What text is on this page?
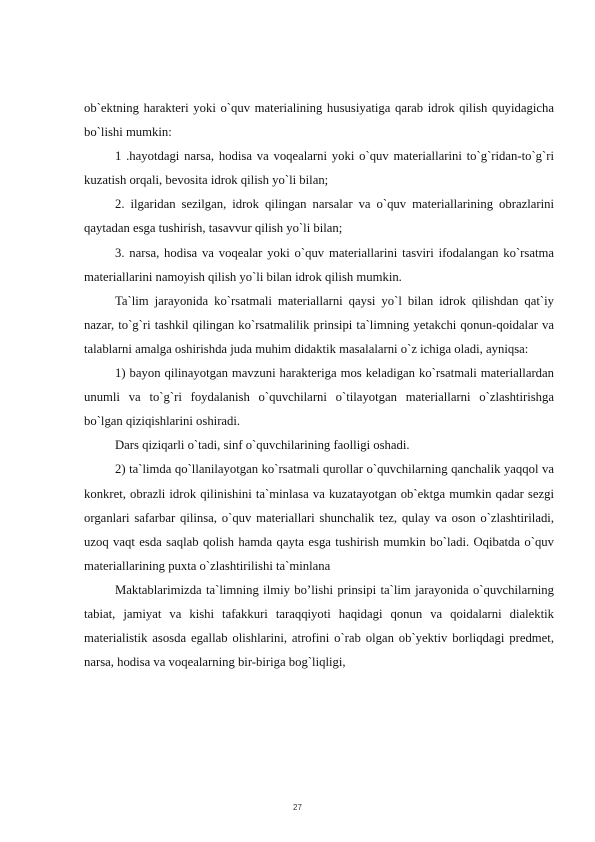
ob`ektning harakteri yoki o`quv materialining hususiyatiga qarab idrok qilish quyidagicha bo`lishi mumkin:

1 .hayotdagi narsa, hodisa va voqealarni yoki o`quv materiallarini to`g`ridan-to`g`ri kuzatish orqali, bevosita idrok qilish yo`li bilan;

2. ilgaridan sezilgan, idrok qilingan narsalar va o`quv materiallarining obrazlarini qaytadan esga tushirish, tasavvur qilish yo`li bilan;

3. narsa, hodisa va voqealar yoki o`quv materiallarini tasviri ifodalangan ko`rsatma materiallarini namoyish qilish yo`li bilan idrok qilish mumkin.

Ta`lim jarayonida ko`rsatmali materiallarni qaysi yo`l bilan idrok qilishdan qat`iy nazar, to`g`ri tashkil qilingan ko`rsatmalilik prinsipi ta`limning yetakchi qonun-qoidalar va talablarni amalga oshirishda juda muhim didaktik masalalarni o`z ichiga oladi, ayniqsa:

1) bayon qilinayotgan mavzuni harakteriga mos keladigan ko`rsatmali materiallardan unumli va to`g`ri foydalanish o`quvchilarni o`tilayotgan materiallarni o`zlashtirishga bo`lgan qiziqishlarini oshiradi.

Dars qiziqarli o`tadi, sinf o`quvchilarining faolligi oshadi.

2) ta`limda qo`llanilayotgan ko`rsatmali qurollar o`quvchilarning qanchalik yaqqol va konkret, obrazli idrok qilinishini ta`minlasa va kuzatayotgan ob`ektga mumkin qadar sezgi organlari safarbar qilinsa, o`quv materiallari shunchalik tez, qulay va oson o`zlashtiriladi, uzoq vaqt esda saqlab qolish hamda qayta esga tushirish mumkin bo`ladi. Oqibatda o`quv materiallarining puxta o`zlashtirilishi ta`minlana

Maktablarimizda ta`limning ilmiy bo’lishi prinsipi ta`lim jarayonida o`quvchilarning tabiat, jamiyat va kishi tafakkuri taraqqiyoti haqidagi qonun va qoidalarni dialektik materialistik asosda egallab olishlarini, atrofini o`rab olgan ob`yektiv borliqdagi predmet, narsa, hodisa va voqealarning bir-biriga bog`liqligi,

27
